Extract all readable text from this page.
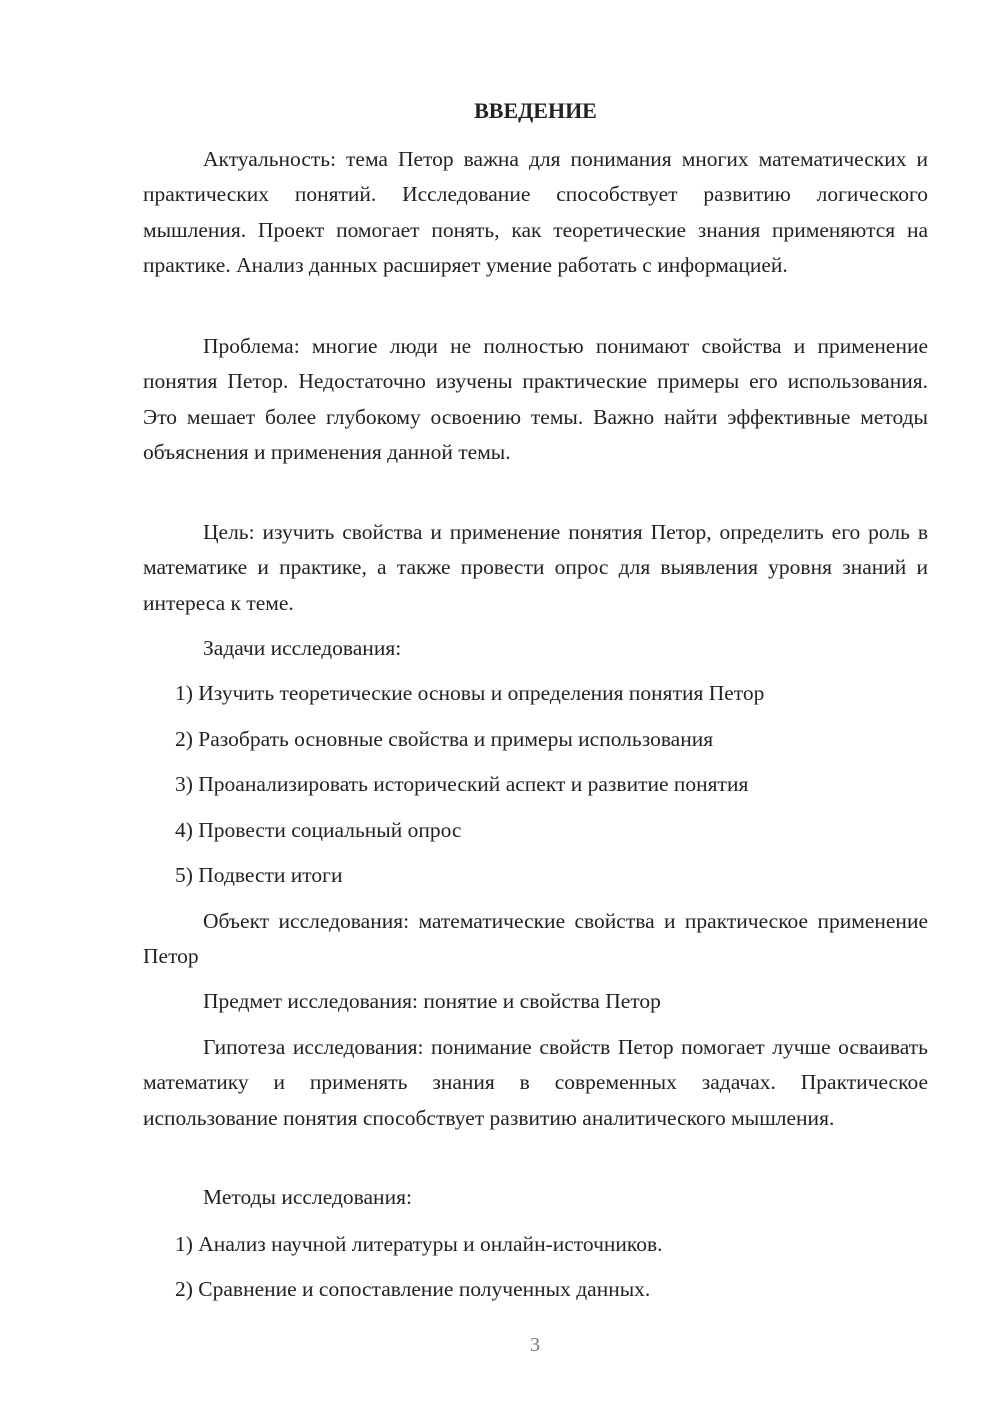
ВВЕДЕНИЕ

Актуальность: тема Петор важна для понимания многих математических и практических понятий. Исследование способствует развитию логического мышления. Проект помогает понять, как теоретические знания применяются на практике. Анализ данных расширяет умение работать с информацией.

Проблема: многие люди не полностью понимают свойства и применение понятия Петор. Недостаточно изучены практические примеры его использования. Это мешает более глубокому освоению темы. Важно найти эффективные методы объяснения и применения данной темы.

Цель: изучить свойства и применение понятия Петор, определить его роль в математике и практике, а также провести опрос для выявления уровня знаний и интереса к теме.

Задачи исследования:
1) Изучить теоретические основы и определения понятия Петор
2) Разобрать основные свойства и примеры использования
3) Проанализировать исторический аспект и развитие понятия
4) Провести социальный опрос
5) Подвести итоги

Объект исследования: математические свойства и практическое применение Петор

Предмет исследования: понятие и свойства Петор

Гипотеза исследования: понимание свойств Петор помогает лучше осваивать математику и применять знания в современных задачах. Практическое использование понятия способствует развитию аналитического мышления.

Методы исследования:
1) Анализ научной литературы и онлайн-источников.
2) Сравнение и сопоставление полученных данных.
3
